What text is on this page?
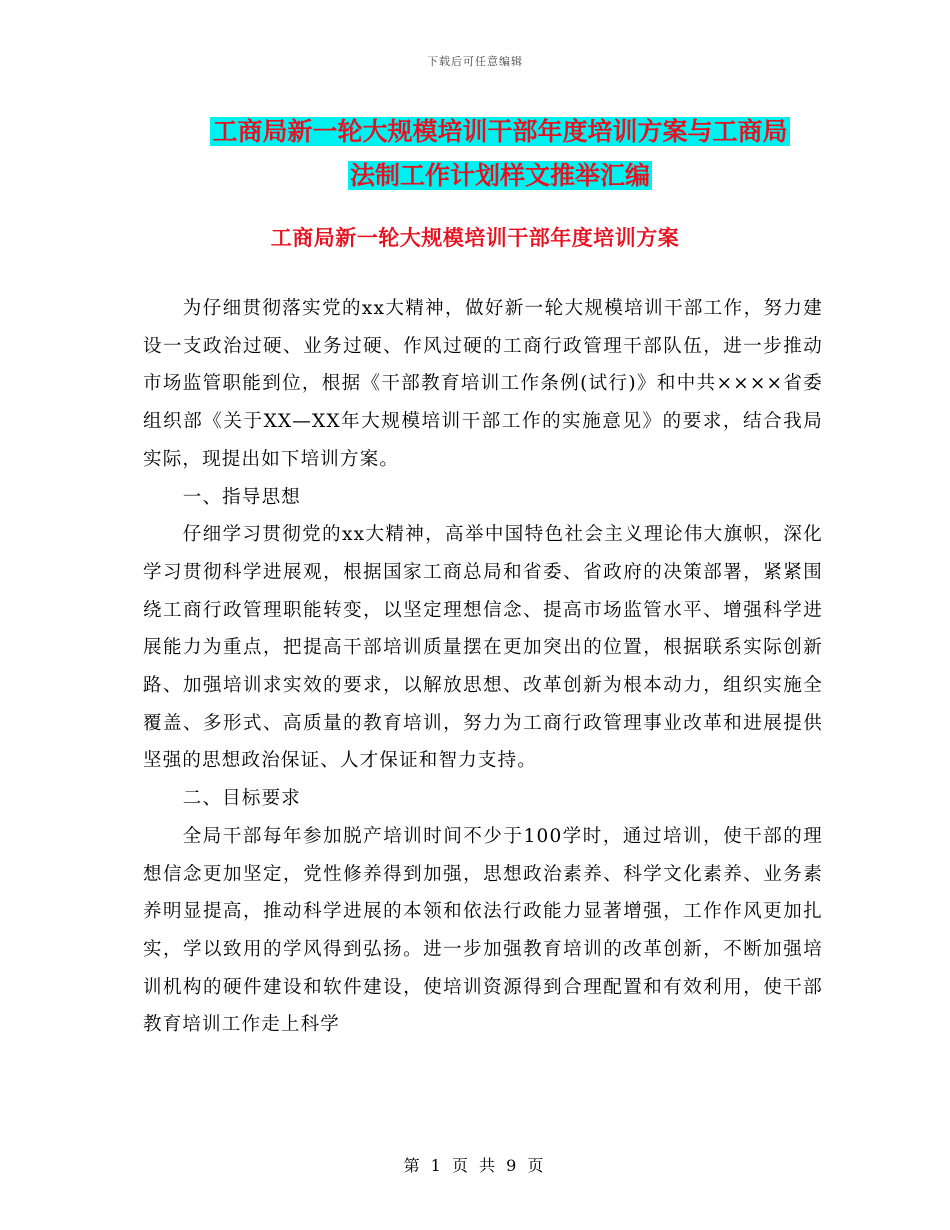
下载后可任意编辑
工商局新一轮大规模培训干部年度培训方案与工商局
法制工作计划样文推举汇编
工商局新一轮大规模培训干部年度培训方案

为仔细贯彻落实党的xx大精神，做好新一轮大规模培训干部工作，努力建设一支政治过硬、业务过硬、作风过硬的工商行政管理干部队伍，进一步推动市场监管职能到位，根据《干部教育培训工作条例(试行)》和中共××××省委组织部《关于XX—XX年大规模培训干部工作的实施意见》的要求，结合我局实际，现提出如下培训方案。

一、指导思想

仔细学习贯彻党的xx大精神，高举中国特色社会主义理论伟大旗帜，深化学习贯彻科学进展观，根据国家工商总局和省委、省政府的决策部署，紧紧围绕工商行政管理职能转变，以坚定理想信念、提高市场监管水平、增强科学进展能力为重点，把提高干部培训质量摆在更加突出的位置，根据联系实际创新路、加强培训求实效的要求，以解放思想、改革创新为根本动力，组织实施全覆盖、多形式、高质量的教育培训，努力为工商行政管理事业改革和进展提供坚强的思想政治保证、人才保证和智力支持。

二、目标要求

全局干部每年参加脱产培训时间不少于100学时，通过培训，使干部的理想信念更加坚定，党性修养得到加强，思想政治素养、科学文化素养、业务素养明显提高，推动科学进展的本领和依法行政能力显著增强，工作作风更加扎实，学以致用的学风得到弘扬。进一步加强教育培训的改革创新，不断加强培训机构的硬件建设和软件建设，使培训资源得到合理配置和有效利用，使干部教育培训工作走上科学

第 1 页 共 9 页
